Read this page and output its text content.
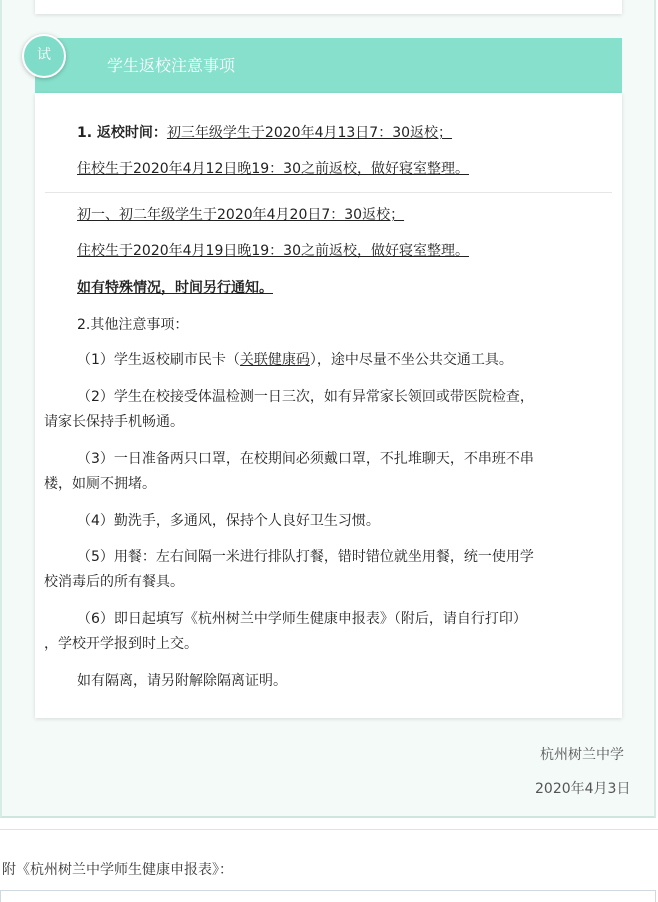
学生返校注意事项
试
1. 返校时间：初三年级学生于2020年4月13日7：30返校；
住校生于2020年4月12日晚19：30之前返校，做好寝室整理。
初一、初二年级学生于2020年4月20日7：30返校；
住校生于2020年4月19日晚19：30之前返校，做好寝室整理。
如有特殊情况，时间另行通知。
2.其他注意事项：
（1）学生返校刷市民卡（关联健康码），途中尽量不坐公共交通工具。
（2）学生在校接受体温检测一日三次，如有异常家长领回或带医院检查，
请家长保持手机畅通。
（3）一日准备两只口罩，在校期间必须戴口罩，不扎堆聊天，不串班不串
楼，如厕不拥堵。
（4）勤洗手，多通风，保持个人良好卫生习惯。
（5）用餐：左右间隔一米进行排队打餐，错时错位就坐用餐，统一使用学
校消毒后的所有餐具。
（6）即日起填写《杭州树兰中学师生健康申报表》（附后，请自行打印）
，学校开学报到时上交。
如有隔离，请另附解除隔离证明。
杭州树兰中学
2020年4月3日
附《杭州树兰中学师生健康申报表》：
